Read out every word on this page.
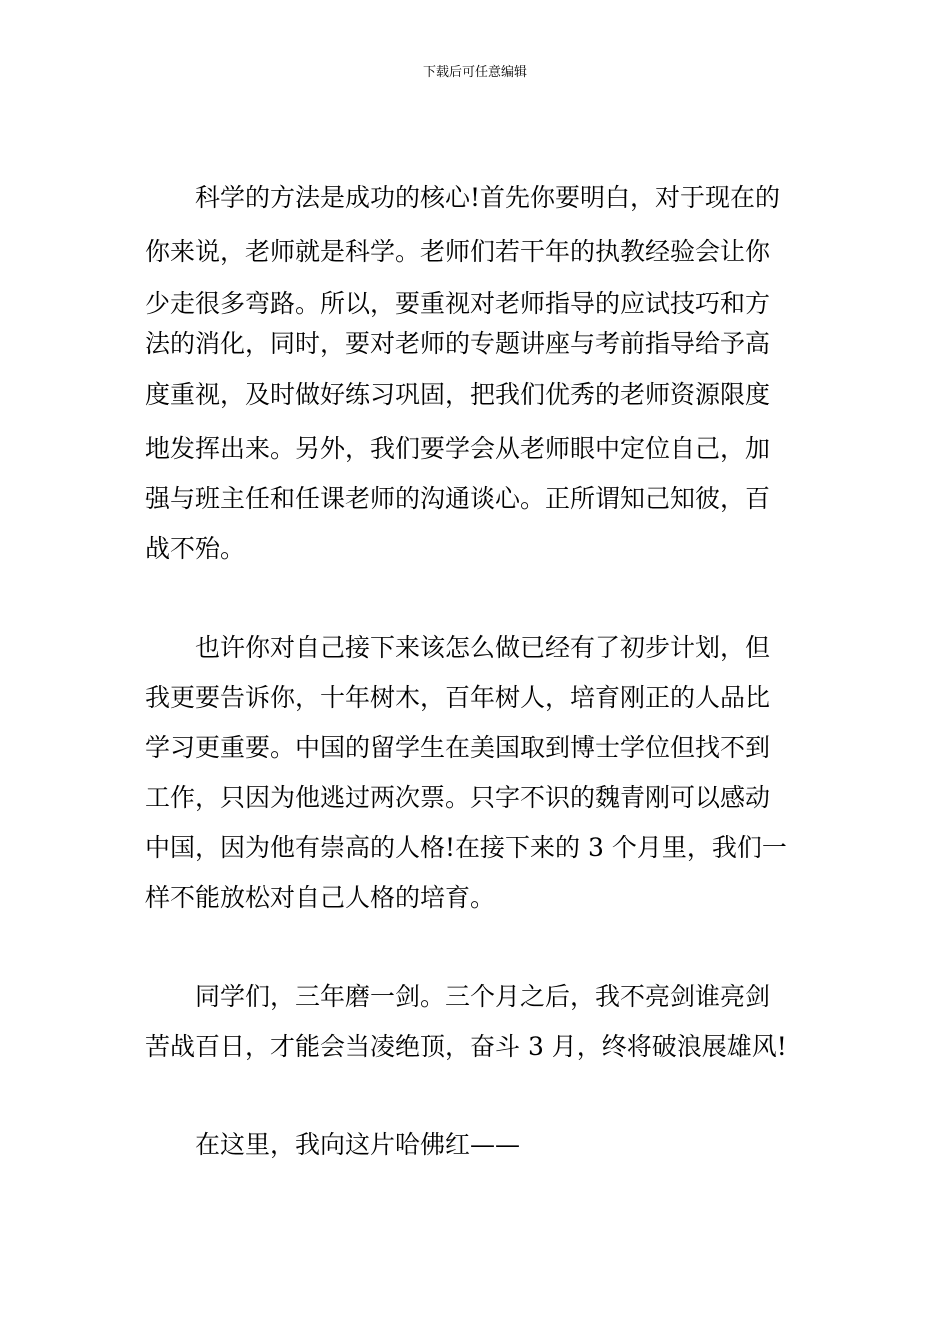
下载后可任意编辑
科学的方法是成功的核心!首先你要明白，对于现在的
你来说，老师就是科学。老师们若干年的执教经验会让你
少走很多弯路。所以，要重视对老师指导的应试技巧和方
法的消化，同时，要对老师的专题讲座与考前指导给予高
度重视，及时做好练习巩固，把我们优秀的老师资源限度
地发挥出来。另外，我们要学会从老师眼中定位自己，加
强与班主任和任课老师的沟通谈心。正所谓知己知彼，百
战不殆。
也许你对自己接下来该怎么做已经有了初步计划，但
我更要告诉你，十年树木，百年树人，培育刚正的人品比
学习更重要。中国的留学生在美国取到博士学位但找不到
工作，只因为他逃过两次票。只字不识的魏青刚可以感动
中国，因为他有崇高的人格!在接下来的 3 个月里，我们一
样不能放松对自己人格的培育。
同学们，三年磨一剑。三个月之后，我不亮剑谁亮剑
苦战百日，才能会当凌绝顶，奋斗 3 月，终将破浪展雄风!
在这里，我向这片哈佛红——
